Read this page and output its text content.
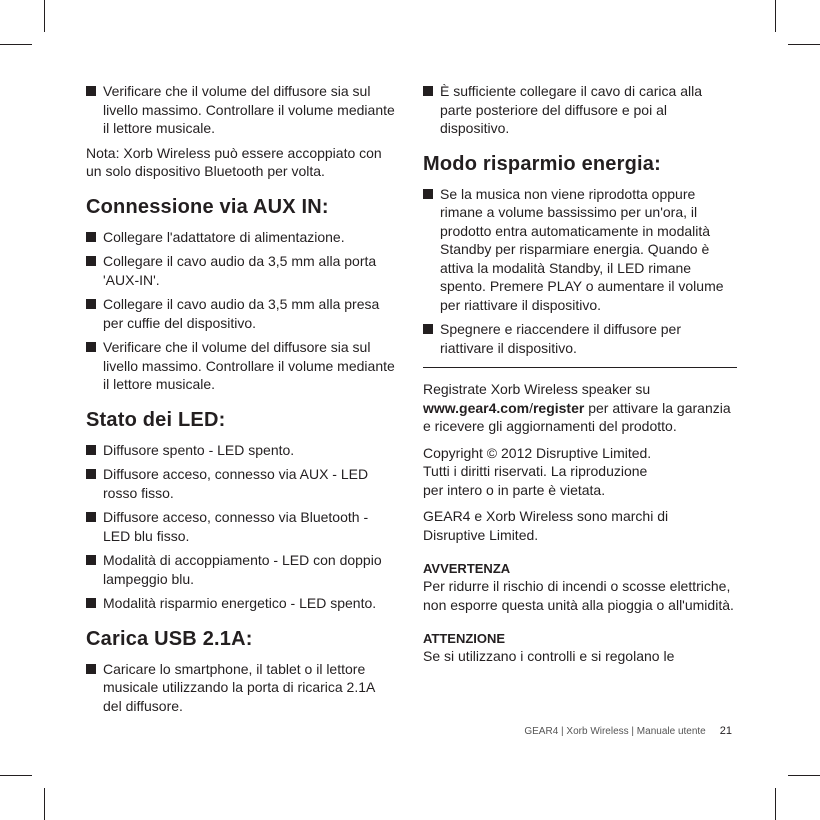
Verificare che il volume del diffusore sia sul livello massimo. Controllare il volume mediante il lettore musicale.

Nota: Xorb Wireless può essere accoppiato con un solo dispositivo Bluetooth per volta.

Connessione via AUX IN:
Collegare l'adattatore di alimentazione.
Collegare il cavo audio da 3,5 mm alla porta 'AUX-IN'.
Collegare il cavo audio da 3,5 mm alla presa per cuffie del dispositivo.
Verificare che il volume del diffusore sia sul livello massimo. Controllare il volume mediante il lettore musicale.
Stato dei LED:
Diffusore spento - LED spento.
Diffusore acceso, connesso via AUX - LED rosso fisso.
Diffusore acceso, connesso via Bluetooth - LED blu fisso.
Modalità di accoppiamento - LED con doppio lampeggio blu.
Modalità risparmio energetico - LED spento.
Carica USB 2.1A:
Caricare lo smartphone, il tablet o il lettore musicale utilizzando la porta di ricarica 2.1A del diffusore.
È sufficiente collegare il cavo di carica alla parte posteriore del diffusore e poi al dispositivo.
Modo risparmio energia:
Se la musica non viene riprodotta oppure rimane a volume bassissimo per un'ora, il prodotto entra automaticamente in modalità Standby per risparmiare energia. Quando è attiva la modalità Standby, il LED rimane spento. Premere PLAY o aumentare il volume per riattivare il dispositivo.
Spegnere e riaccendere il diffusore per riattivare il dispositivo.

Registrate Xorb Wireless speaker su
www.gear4.com/register per attivare la garanzia e ricevere gli aggiornamenti del prodotto.

Copyright © 2012 Disruptive Limited.
Tutti i diritti riservati. La riproduzione
per intero o in parte è vietata.

GEAR4 e Xorb Wireless sono marchi di Disruptive Limited.

AVVERTENZA

Per ridurre il rischio di incendi o scosse elettriche, non esporre questa unità alla pioggia o all'umidità.

ATTENZIONE

Se si utilizzano i controlli e si regolano le

GEAR4 | Xorb Wireless | Manuale utente 21
